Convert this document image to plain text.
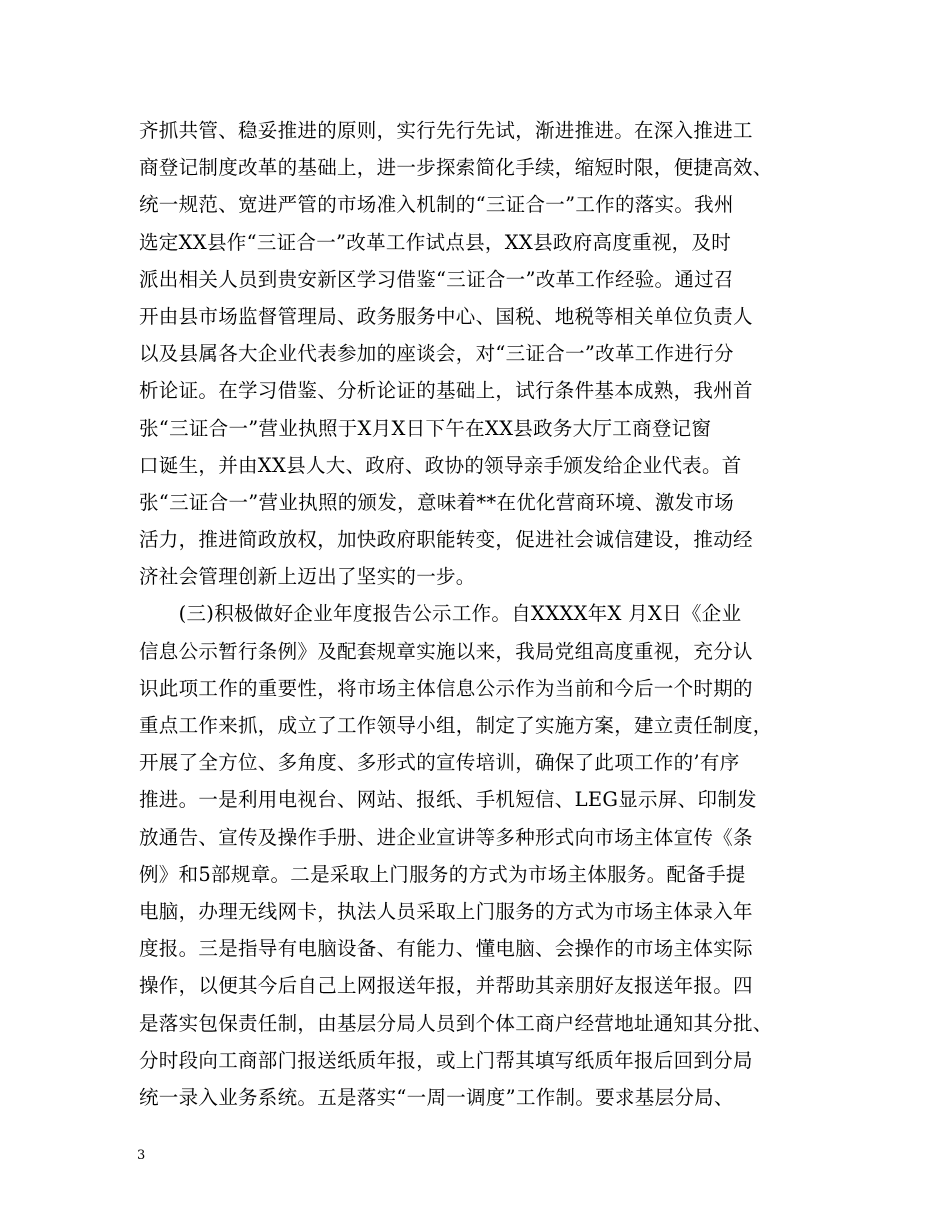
齐抓共管、稳妥推进的原则，实行先行先试，渐进推进。在深入推进工
商登记制度改革的基础上，进一步探索简化手续，缩短时限，便捷高效、
统一规范、宽进严管的市场准入机制的“三证合一”工作的落实。我州
选定XX县作“三证合一”改革工作试点县，XX县政府高度重视，及时
派出相关人员到贵安新区学习借鉴“三证合一”改革工作经验。通过召
开由县市场监督管理局、政务服务中心、国税、地税等相关单位负责人
以及县属各大企业代表参加的座谈会，对“三证合一”改革工作进行分
析论证。在学习借鉴、分析论证的基础上，试行条件基本成熟，我州首
张“三证合一”营业执照于X月X日下午在XX县政务大厅工商登记窗
口诞生，并由XX县人大、政府、政协的领导亲手颁发给企业代表。首
张“三证合一”营业执照的颁发，意味着**在优化营商环境、激发市场
活力，推进简政放权，加快政府职能转变，促进社会诚信建设，推动经
济社会管理创新上迈出了坚实的一步。
　　(三)积极做好企业年度报告公示工作。自XXXX年X 月X日《企业
信息公示暂行条例》及配套规章实施以来，我局党组高度重视，充分认
识此项工作的重要性，将市场主体信息公示作为当前和今后一个时期的
重点工作来抓，成立了工作领导小组，制定了实施方案，建立责任制度，
开展了全方位、多角度、多形式的宣传培训，确保了此项工作的’有序
推进。一是利用电视台、网站、报纸、手机短信、LEG显示屏、印制发
放通告、宣传及操作手册、进企业宣讲等多种形式向市场主体宣传《条
例》和5部规章。二是采取上门服务的方式为市场主体服务。配备手提
电脑，办理无线网卡，执法人员采取上门服务的方式为市场主体录入年
度报。三是指导有电脑设备、有能力、懂电脑、会操作的市场主体实际
操作，以便其今后自己上网报送年报，并帮助其亲朋好友报送年报。四
是落实包保责任制，由基层分局人员到个体工商户经营地址通知其分批、
分时段向工商部门报送纸质年报，或上门帮其填写纸质年报后回到分局
统一录入业务系统。五是落实“一周一调度”工作制。要求基层分局、
3
